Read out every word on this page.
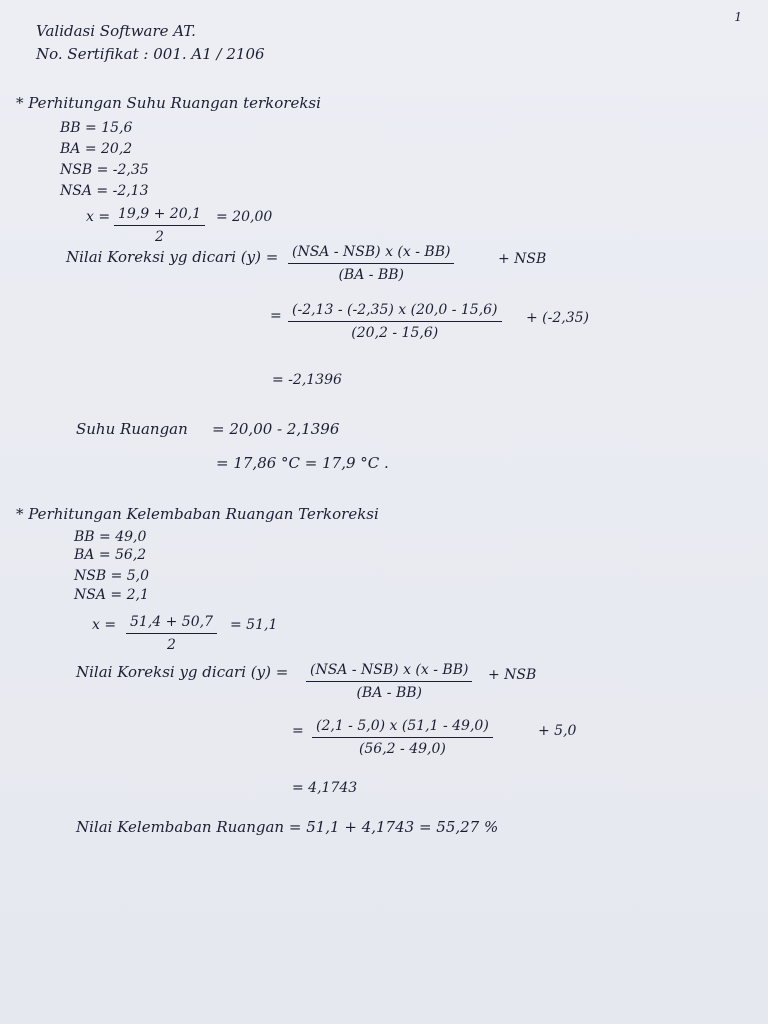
1
Validasi Software AT.
No. Sertifikat : 001. A1 / 2106
* Perhitungan Suhu Ruangan terkoreksi
BB = 15,6
BA = 20,2
NSB = -2,35
NSA = -2,13
$x = \frac{19,9 + 20,1}{2} = 20,00$
Nilai Koreksi yg dicari (y) = (NSA - NSB) x (x - BB)
(BA - BB)
+ NSB
= $\frac{(-2,13 - (-2,35) x (20,0 - 15,6)}{(20,2 - 15,6)} + (-2,35)$
= -2,1396
Suhu Ruangan = 20,00 - 2,1396
= 17,86 °C = 17,9 °C .
* Perhitungan Kelembaban Ruangan Terkoreksi
BB = 49,0
BA = 56,2
NSB = 5,0
NSA = 2,1
$x = \frac{51,4 + 50,7}{2} = 51,1$
Nilai Koreksi yg dicari (y) = (NSA - NSB) x (x - BB)
(BA - BB)
+ NSB
= $\frac{(2,1 - 5,0) x (51,1 - 49,0)}{(56,2 - 49,0)}$	+ 5,0
= 4,1743
Nilai Kelembaban Ruangan = 51,1 + 4,1743 = 55,27 %
